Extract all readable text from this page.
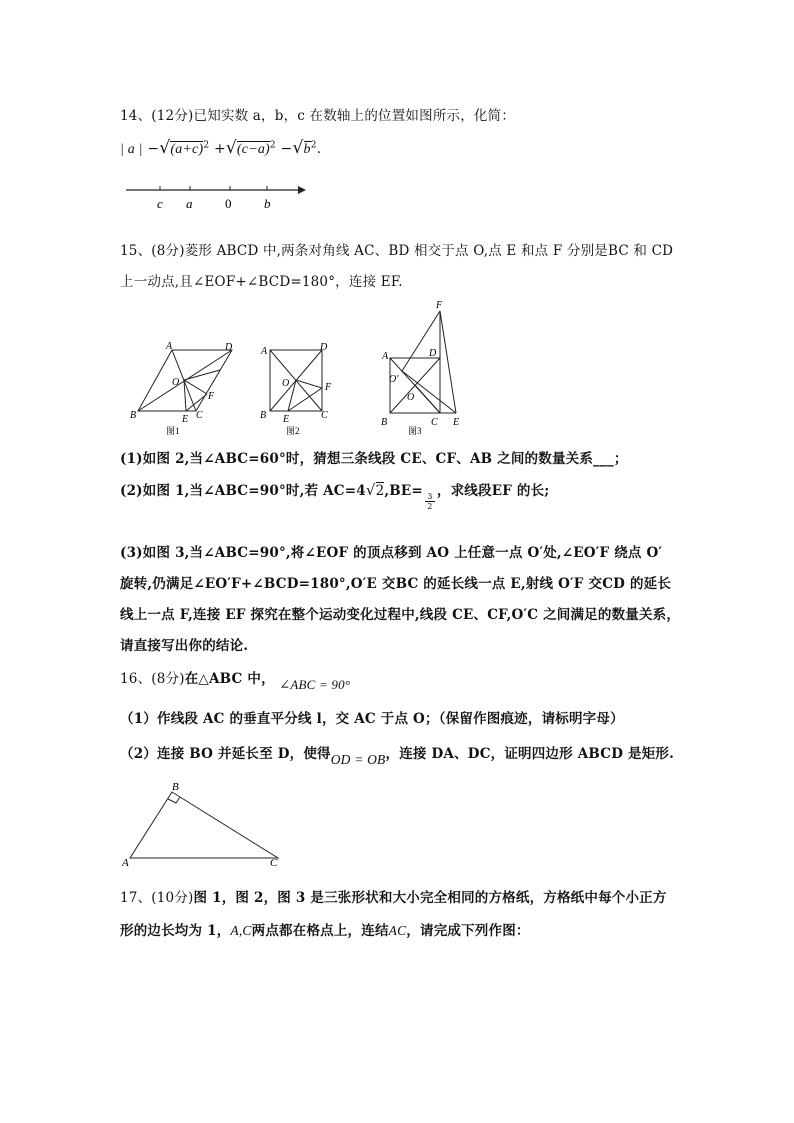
14、(12分)已知实数 a，b，c 在数轴上的位置如图所示，化简：
| a | $-√(a+c)^2 +√(c-a)^2 -√b^2$.
c a	0	b
15、(8分)菱形 ABCD 中,两条对角线 AC、BD 相交于点 O,点 E 和点 F 分别是BC 和 CD
上一动点,且∠EOF+∠BCD=180°，连接 EF.
A	D
O
F
B	E C
图1
A	D
O	F
B E	C
图2
F
A	D
O'
O
B	C E
图3
(1)如图 2,当∠ABC=60°时，猜想三条线段 CE、CF、AB 之间的数量关系___；
(2)如图 1,当∠ABC=90°时,若 AC=4√2,BE=
$\frac{3}{2}$
，求线段EF 的长;
(3)如图 3,当∠ABC=90°,将∠EOF 的顶点移到 AO 上任意一点 O′处,∠EO′F 绕点 O′
旋转,仍满足∠EO′F+∠BCD=180°,O′E 交BC 的延长线一点 E,射线 O′F 交CD 的延长
线上一点 F,连接 EF 探究在整个运动变化过程中,线段 CE、CF,O′C 之间满足的数量关系，
请直接写出你的结论.
16、(8分)在△ABC 中， ∠ABC = 90°
（1）作线段 AC 的垂直平分线 l，交 AC 于点 O；（保留作图痕迹，请标明字母）
（2）连接 BO 并延长至 D，使得OD = OB，连接 DA、DC，证明四边形 ABCD 是矩形.
B
A	C
17、(10分)图 1，图 2，图 3 是三张形状和大小完全相同的方格纸，方格纸中每个小正方
形的边长均为 1，A,C两点都在格点上，连结AC，请完成下列作图：
